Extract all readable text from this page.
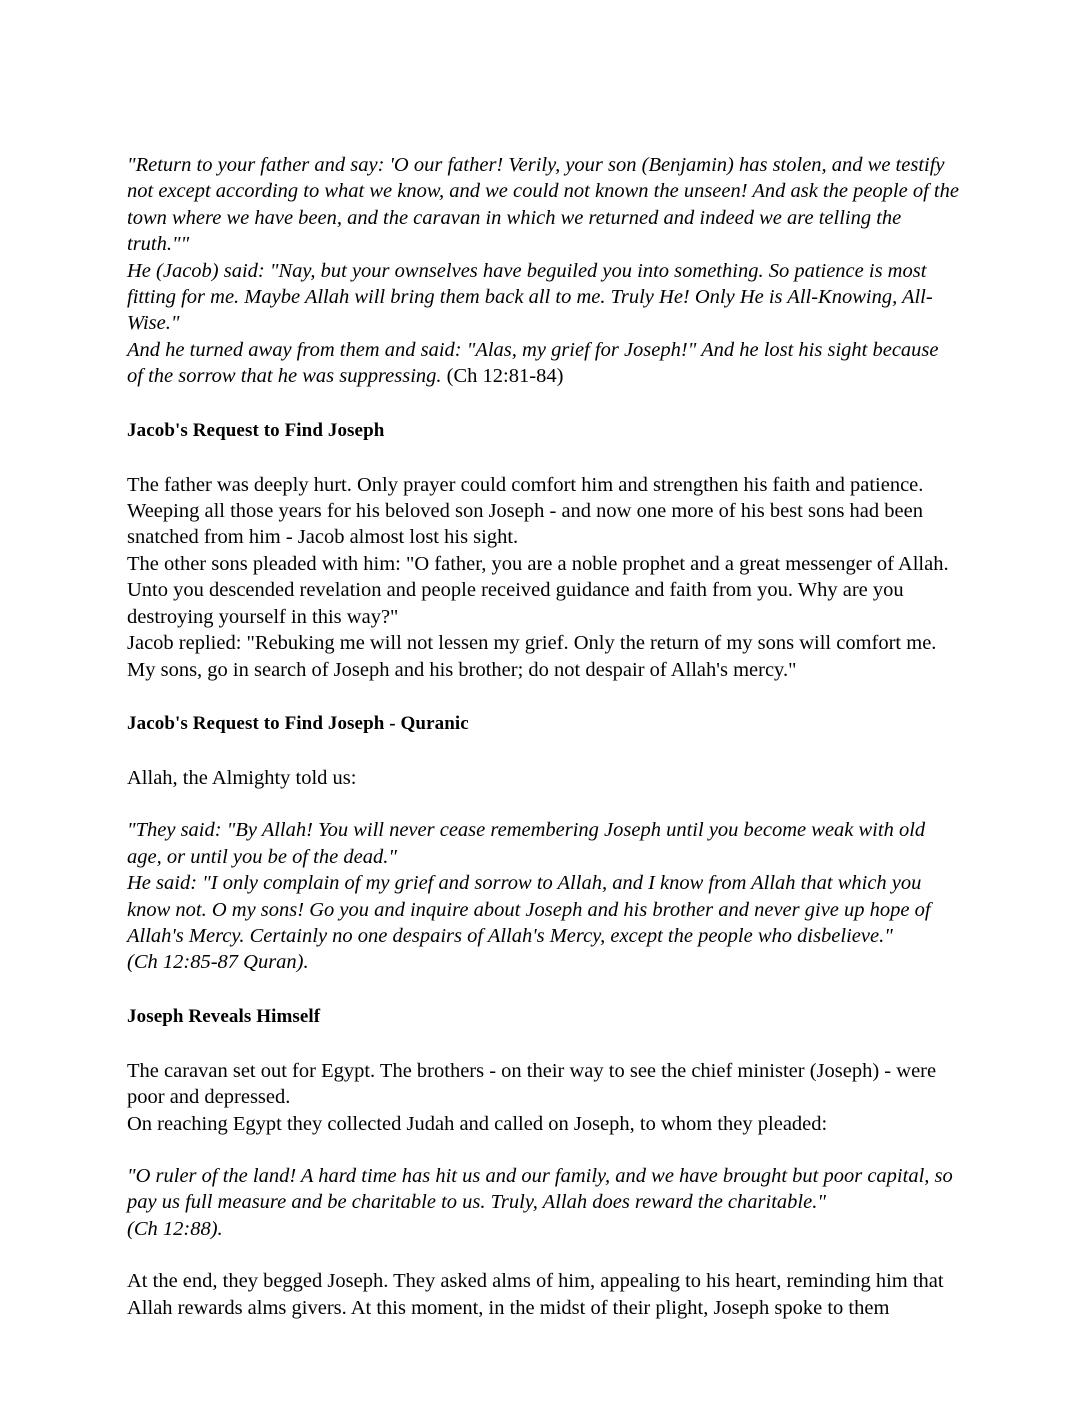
"Return to your father and say: 'O our father! Verily, your son (Benjamin) has stolen, and we testify not except according to what we know, and we could not known the unseen! And ask the people of the town where we have been, and the caravan in which we returned and indeed we are telling the truth.""
He (Jacob) said: "Nay, but your ownselves have beguiled you into something. So patience is most fitting for me. Maybe Allah will bring them back all to me. Truly He! Only He is All-Knowing, All-Wise."
And he turned away from them and said: "Alas, my grief for Joseph!" And he lost his sight because of the sorrow that he was suppressing. (Ch 12:81-84)
Jacob's Request to Find Joseph
The father was deeply hurt. Only prayer could comfort him and strengthen his faith and patience. Weeping all those years for his beloved son Joseph - and now one more of his best sons had been snatched from him - Jacob almost lost his sight.
The other sons pleaded with him: "O father, you are a noble prophet and a great messenger of Allah. Unto you descended revelation and people received guidance and faith from you. Why are you destroying yourself in this way?"
Jacob replied: "Rebuking me will not lessen my grief. Only the return of my sons will comfort me. My sons, go in search of Joseph and his brother; do not despair of Allah's mercy."
Jacob's Request to Find Joseph - Quranic
Allah, the Almighty told us:
"They said: "By Allah! You will never cease remembering Joseph until you become weak with old age, or until you be of the dead."
He said: "I only complain of my grief and sorrow to Allah, and I know from Allah that which you know not. O my sons! Go you and inquire about Joseph and his brother and never give up hope of Allah's Mercy. Certainly no one despairs of Allah's Mercy, except the people who disbelieve."
(Ch 12:85-87 Quran).
Joseph Reveals Himself
The caravan set out for Egypt. The brothers - on their way to see the chief minister (Joseph) - were poor and depressed.
On reaching Egypt they collected Judah and called on Joseph, to whom they pleaded:
"O ruler of the land! A hard time has hit us and our family, and we have brought but poor capital, so pay us full measure and be charitable to us. Truly, Allah does reward the charitable."
(Ch 12:88).
At the end, they begged Joseph. They asked alms of him, appealing to his heart, reminding him that Allah rewards alms givers. At this moment, in the midst of their plight, Joseph spoke to them
